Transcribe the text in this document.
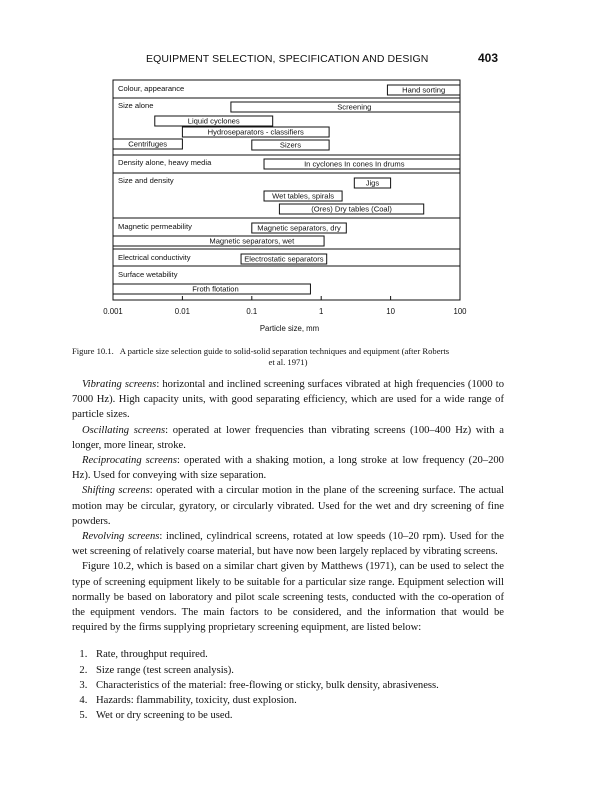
EQUIPMENT SELECTION, SPECIFICATION AND DESIGN	403
Colour, appearance	Hand sorting
Size alone	Screening
Liquid cyclones
Hydroseparators - classifiers
Centrifuges	Sizers
Density alone, heavy media	In cyclones In cones In drums
Size and density	Jigs
Wet tables, spirals
(Ores) Dry tables (Coal)
Magnetic permeability	Magnetic separators, dry
Magnetic separators, wet
Electrical conductivity	Electrostatic separators
Surface wetability
Froth flotation
0.001	0.01	0.1	1	10	100
Particle size, mm
Figure 10.1. A particle size selection guide to solid-solid separation techniques and equipment (after Roberts
et al. 1971)

Vibrating screens: horizontal and inclined screening surfaces vibrated at high frequencies (1000 to 7000 Hz). High capacity units, with good separating efficiency, which are used for a wide range of particle sizes.

Oscillating screens: operated at lower frequencies than vibrating screens (100–400 Hz) with a longer, more linear, stroke.

Reciprocating screens: operated with a shaking motion, a long stroke at low frequency (20–200 Hz). Used for conveying with size separation.

Shifting screens: operated with a circular motion in the plane of the screening surface. The actual motion may be circular, gyratory, or circularly vibrated. Used for the wet and dry screening of fine powders.

Revolving screens: inclined, cylindrical screens, rotated at low speeds (10–20 rpm). Used for the wet screening of relatively coarse material, but have now been largely replaced by vibrating screens.

Figure 10.2, which is based on a similar chart given by Matthews (1971), can be used to select the type of screening equipment likely to be suitable for a particular size range. Equipment selection will normally be based on laboratory and pilot scale screening tests, conducted with the co-operation of the equipment vendors. The main factors to be considered, and the information that would be required by the firms supplying proprietary screening equipment, are listed below:

1. Rate, throughput required.
2. Size range (test screen analysis).
3. Characteristics of the material: free-flowing or sticky, bulk density, abrasiveness.
4. Hazards: flammability, toxicity, dust explosion.
5. Wet or dry screening to be used.
